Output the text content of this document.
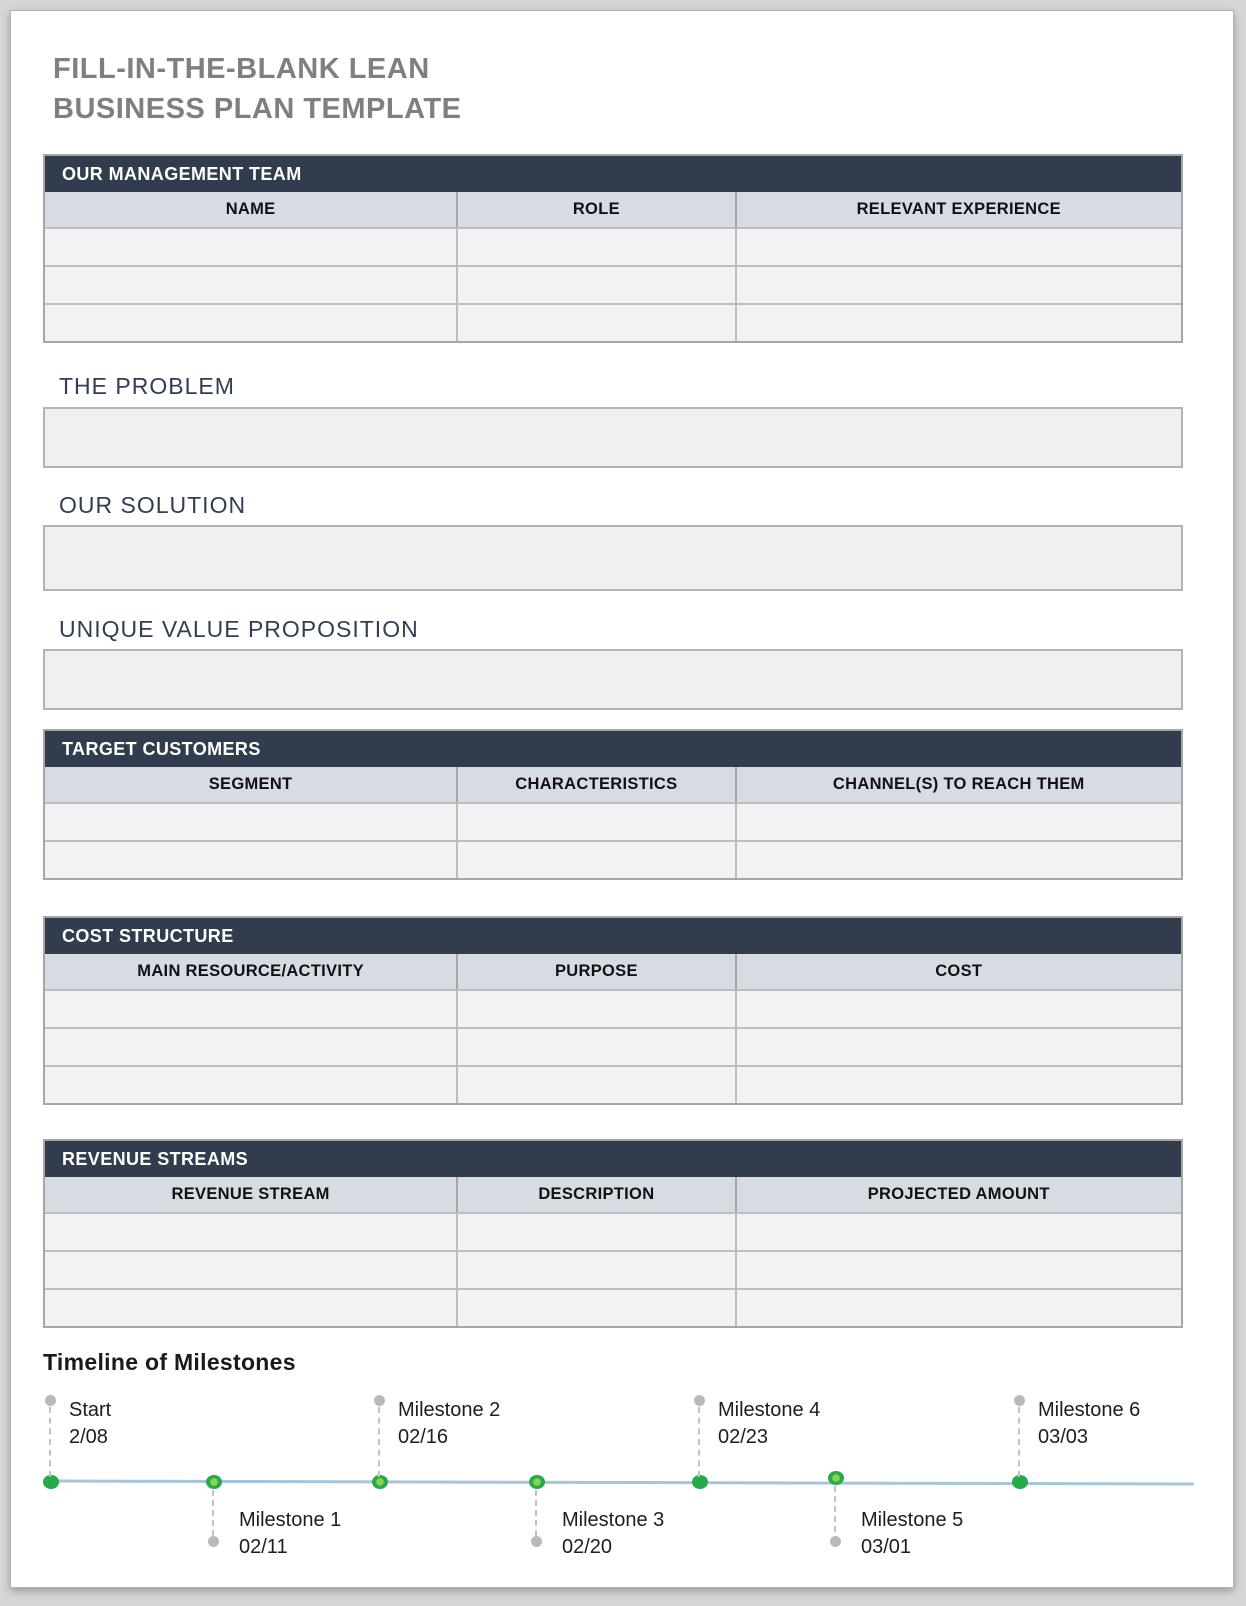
FILL-IN-THE-BLANK LEAN
BUSINESS PLAN TEMPLATE
OUR MANAGEMENT TEAM
NAME	ROLE	RELEVANT EXPERIENCE
THE PROBLEM
OUR SOLUTION
UNIQUE VALUE PROPOSITION
TARGET CUSTOMERS
SEGMENT	CHARACTERISTICS	CHANNEL(S) TO REACH THEM
COST STRUCTURE
MAIN RESOURCE/ACTIVITY	PURPOSE	COST
REVENUE STREAMS
REVENUE STREAM	DESCRIPTION	PROJECTED AMOUNT
Timeline of Milestones
Start
2/08
Milestone 1
02/11
Milestone 2
02/16
Milestone 3
02/20
Milestone 4
02/23
Milestone 5
03/01
Milestone 6
03/03
